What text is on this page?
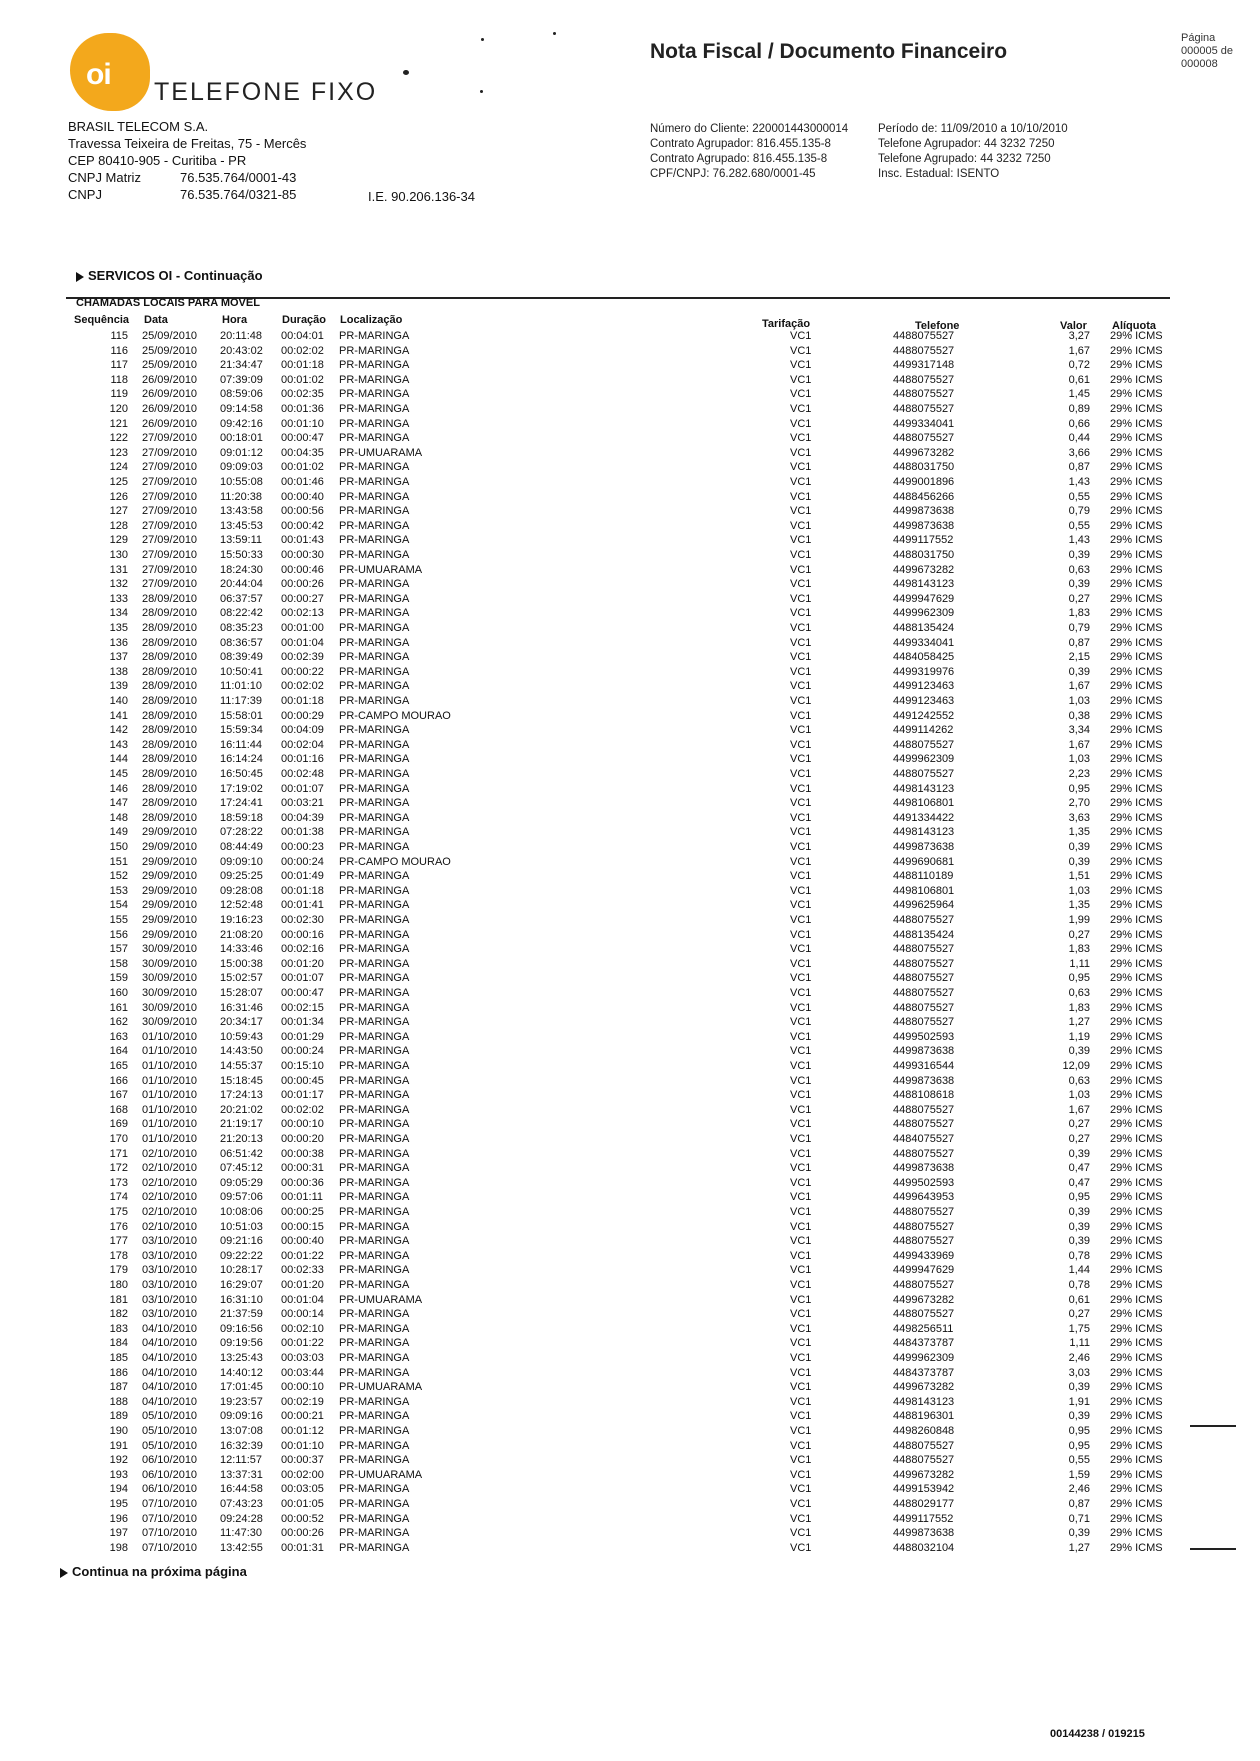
oi
TELEFONE FIXO
BRASIL TELECOM S.A.
Travessa Teixeira de Freitas, 75 - Mercês
CEP 80410-905 - Curitiba - PR
CNPJ Matriz	76.535.764/0001-43
CNPJ	76.535.764/0321-85	I.E. 90.206.136-34
Nota Fiscal / Documento Financeiro
Página
000005 de
000008
Número do Cliente: 220001443000014
Contrato Agrupador: 816.455.135-8
Contrato Agrupado: 816.455.135-8
CPF/CNPJ: 76.282.680/0001-45
Período de: 11/09/2010 a 10/10/2010
Telefone Agrupador: 44 3232 7250
Telefone Agrupado: 44 3232 7250
Insc. Estadual: ISENTO
SERVICOS OI - Continuação
CHAMADAS LOCAIS PARA MOVEL
Sequência Data	Hora	Duração Localização	Tarifação	Telefone	Valor Alíquota
115 25/09/2010 20:11:48 00:04:01 PR-MARINGA	VC1	4488075527	3,27 29% ICMS
116 25/09/2010 20:43:02 00:02:02 PR-MARINGA	VC1	4488075527	1,67 29% ICMS
117 25/09/2010 21:34:47 00:01:18 PR-MARINGA	VC1	4499317148	0,72 29% ICMS
118 26/09/2010 07:39:09 00:01:02 PR-MARINGA	VC1	4488075527	0,61 29% ICMS
119 26/09/2010 08:59:06 00:02:35 PR-MARINGA	VC1	4488075527	1,45 29% ICMS
120 26/09/2010 09:14:58 00:01:36 PR-MARINGA	VC1	4488075527	0,89 29% ICMS
121 26/09/2010 09:42:16 00:01:10 PR-MARINGA	VC1	4499334041	0,66 29% ICMS
122 27/09/2010 00:18:01 00:00:47 PR-MARINGA	VC1	4488075527	0,44 29% ICMS
123 27/09/2010 09:01:12 00:04:35 PR-UMUARAMA	VC1	4499673282	3,66 29% ICMS
124 27/09/2010 09:09:03 00:01:02 PR-MARINGA	VC1	4488031750	0,87 29% ICMS
125 27/09/2010 10:55:08 00:01:46 PR-MARINGA	VC1	4499001896	1,43 29% ICMS
126 27/09/2010 11:20:38 00:00:40 PR-MARINGA	VC1	4488456266	0,55 29% ICMS
127 27/09/2010 13:43:58 00:00:56 PR-MARINGA	VC1	4499873638	0,79 29% ICMS
128 27/09/2010 13:45:53 00:00:42 PR-MARINGA	VC1	4499873638	0,55 29% ICMS
129 27/09/2010 13:59:11 00:01:43 PR-MARINGA	VC1	4499117552	1,43 29% ICMS
130 27/09/2010 15:50:33 00:00:30 PR-MARINGA	VC1	4488031750	0,39 29% ICMS
131 27/09/2010 18:24:30 00:00:46 PR-UMUARAMA	VC1	4499673282	0,63 29% ICMS
132 27/09/2010 20:44:04 00:00:26 PR-MARINGA	VC1	4498143123	0,39 29% ICMS
133 28/09/2010 06:37:57 00:00:27 PR-MARINGA	VC1	4499947629	0,27 29% ICMS
134 28/09/2010 08:22:42 00:02:13 PR-MARINGA	VC1	4499962309	1,83 29% ICMS
135 28/09/2010 08:35:23 00:01:00 PR-MARINGA	VC1	4488135424	0,79 29% ICMS
136 28/09/2010 08:36:57 00:01:04 PR-MARINGA	VC1	4499334041	0,87 29% ICMS
137 28/09/2010 08:39:49 00:02:39 PR-MARINGA	VC1	4484058425	2,15 29% ICMS
138 28/09/2010 10:50:41 00:00:22 PR-MARINGA	VC1	4499319976	0,39 29% ICMS
139 28/09/2010 11:01:10 00:02:02 PR-MARINGA	VC1	4499123463	1,67 29% ICMS
140 28/09/2010 11:17:39 00:01:18 PR-MARINGA	VC1	4499123463	1,03 29% ICMS
141 28/09/2010 15:58:01 00:00:29 PR-CAMPO MOURAO	VC1	4491242552	0,38 29% ICMS
142 28/09/2010 15:59:34 00:04:09 PR-MARINGA	VC1	4499114262	3,34 29% ICMS
143 28/09/2010 16:11:44 00:02:04 PR-MARINGA	VC1	4488075527	1,67 29% ICMS
144 28/09/2010 16:14:24 00:01:16 PR-MARINGA	VC1	4499962309	1,03 29% ICMS
145 28/09/2010 16:50:45 00:02:48 PR-MARINGA	VC1	4488075527	2,23 29% ICMS
146 28/09/2010 17:19:02 00:01:07 PR-MARINGA	VC1	4498143123	0,95 29% ICMS
147 28/09/2010 17:24:41 00:03:21 PR-MARINGA	VC1	4498106801	2,70 29% ICMS
148 28/09/2010 18:59:18 00:04:39 PR-MARINGA	VC1	4491334422	3,63 29% ICMS
149 29/09/2010 07:28:22 00:01:38 PR-MARINGA	VC1	4498143123	1,35 29% ICMS
150 29/09/2010 08:44:49 00:00:23 PR-MARINGA	VC1	4499873638	0,39 29% ICMS
151 29/09/2010 09:09:10 00:00:24 PR-CAMPO MOURAO	VC1	4499690681	0,39 29% ICMS
152 29/09/2010 09:25:25 00:01:49 PR-MARINGA	VC1	4488110189	1,51 29% ICMS
153 29/09/2010 09:28:08 00:01:18 PR-MARINGA	VC1	4498106801	1,03 29% ICMS
154 29/09/2010 12:52:48 00:01:41 PR-MARINGA	VC1	4499625964	1,35 29% ICMS
155 29/09/2010 19:16:23 00:02:30 PR-MARINGA	VC1	4488075527	1,99 29% ICMS
156 29/09/2010 21:08:20 00:00:16 PR-MARINGA	VC1	4488135424	0,27 29% ICMS
157 30/09/2010 14:33:46 00:02:16 PR-MARINGA	VC1	4488075527	1,83 29% ICMS
158 30/09/2010 15:00:38 00:01:20 PR-MARINGA	VC1	4488075527	1,11 29% ICMS
159 30/09/2010 15:02:57 00:01:07 PR-MARINGA	VC1	4488075527	0,95 29% ICMS
160 30/09/2010 15:28:07 00:00:47 PR-MARINGA	VC1	4488075527	0,63 29% ICMS
161 30/09/2010 16:31:46 00:02:15 PR-MARINGA	VC1	4488075527	1,83 29% ICMS
162 30/09/2010 20:34:17 00:01:34 PR-MARINGA	VC1	4488075527	1,27 29% ICMS
163 01/10/2010 10:59:43 00:01:29 PR-MARINGA	VC1	4499502593	1,19 29% ICMS
164 01/10/2010 14:43:50 00:00:24 PR-MARINGA	VC1	4499873638	0,39 29% ICMS
165 01/10/2010 14:55:37 00:15:10 PR-MARINGA	VC1	4499316544	12,09 29% ICMS
166 01/10/2010 15:18:45 00:00:45 PR-MARINGA	VC1	4499873638	0,63 29% ICMS
167 01/10/2010 17:24:13 00:01:17 PR-MARINGA	VC1	4488108618	1,03 29% ICMS
168 01/10/2010 20:21:02 00:02:02 PR-MARINGA	VC1	4488075527	1,67 29% ICMS
169 01/10/2010 21:19:17 00:00:10 PR-MARINGA	VC1	4488075527	0,27 29% ICMS
170 01/10/2010 21:20:13 00:00:20 PR-MARINGA	VC1	4484075527	0,27 29% ICMS
171 02/10/2010 06:51:42 00:00:38 PR-MARINGA	VC1	4488075527	0,39 29% ICMS
172 02/10/2010 07:45:12 00:00:31 PR-MARINGA	VC1	4499873638	0,47 29% ICMS
173 02/10/2010 09:05:29 00:00:36 PR-MARINGA	VC1	4499502593	0,47 29% ICMS
174 02/10/2010 09:57:06 00:01:11 PR-MARINGA	VC1	4499643953	0,95 29% ICMS
175 02/10/2010 10:08:06 00:00:25 PR-MARINGA	VC1	4488075527	0,39 29% ICMS
176 02/10/2010 10:51:03 00:00:15 PR-MARINGA	VC1	4488075527	0,39 29% ICMS
177 03/10/2010 09:21:16 00:00:40 PR-MARINGA	VC1	4488075527	0,39 29% ICMS
178 03/10/2010 09:22:22 00:01:22 PR-MARINGA	VC1	4499433969	0,78 29% ICMS
179 03/10/2010 10:28:17 00:02:33 PR-MARINGA	VC1	4499947629	1,44 29% ICMS
180 03/10/2010 16:29:07 00:01:20 PR-MARINGA	VC1	4488075527	0,78 29% ICMS
181 03/10/2010 16:31:10 00:01:04 PR-UMUARAMA	VC1	4499673282	0,61 29% ICMS
182 03/10/2010 21:37:59 00:00:14 PR-MARINGA	VC1	4488075527	0,27 29% ICMS
183 04/10/2010 09:16:56 00:02:10 PR-MARINGA	VC1	4498256511	1,75 29% ICMS
184 04/10/2010 09:19:56 00:01:22 PR-MARINGA	VC1	4484373787	1,11 29% ICMS
185 04/10/2010 13:25:43 00:03:03 PR-MARINGA	VC1	4499962309	2,46 29% ICMS
186 04/10/2010 14:40:12 00:03:44 PR-MARINGA	VC1	4484373787	3,03 29% ICMS
187 04/10/2010 17:01:45 00:00:10 PR-UMUARAMA	VC1	4499673282	0,39 29% ICMS
188 04/10/2010 19:23:57 00:02:19 PR-MARINGA	VC1	4498143123	1,91 29% ICMS
189 05/10/2010 09:09:16 00:00:21 PR-MARINGA	VC1	4488196301	0,39 29% ICMS
190 05/10/2010 13:07:08 00:01:12 PR-MARINGA	VC1	4498260848	0,95 29% ICMS
191 05/10/2010 16:32:39 00:01:10 PR-MARINGA	VC1	4488075527	0,95 29% ICMS
192 06/10/2010 12:11:57 00:00:37 PR-MARINGA	VC1	4488075527	0,55 29% ICMS
193 06/10/2010 13:37:31 00:02:00 PR-UMUARAMA	VC1	4499673282	1,59 29% ICMS
194 06/10/2010 16:44:58 00:03:05 PR-MARINGA	VC1	4499153942	2,46 29% ICMS
195 07/10/2010 07:43:23 00:01:05 PR-MARINGA	VC1	4488029177	0,87 29% ICMS
196 07/10/2010 09:24:28 00:00:52 PR-MARINGA	VC1	4499117552	0,71 29% ICMS
197 07/10/2010 11:47:30 00:00:26 PR-MARINGA	VC1	4499873638	0,39 29% ICMS
198 07/10/2010 13:42:55 00:01:31 PR-MARINGA	VC1	4488032104	1,27 29% ICMS
Continua na próxima página
00144238 / 019215
